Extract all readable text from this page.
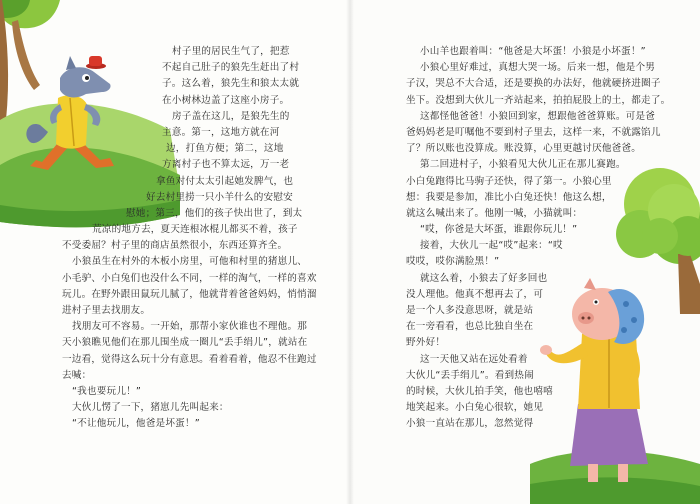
村子里的居民生气了，把惹
不起自己肚子的狼先生赶出了村
子。这么着，狼先生和狼太太就
在小树林边盖了这座小房子。
房子盖在这儿，是狼先生的
主意。第一，这地方就在河
边，打鱼方便；第二，这地
方离村子也不算太远，万一老
拿鱼对付太太引起她发脾气，也
好去村里捞一只小羊什么的安慰安
慰她；第三，他们的孩子快出世了，到太
荒凉的地方去，夏天连根冰棍儿都买不着，孩子
不受委屈？村子里的商店虽然很小，东西还算齐全。
小狼虽生在村外的木板小房里，可他和村里的猪崽儿、
小毛驴、小白兔们也没什么不同，一样的淘气，一样的喜欢
玩儿。在野外跟田鼠玩儿腻了，他就背着爸爸妈妈，悄悄溜
进村子里去找朋友。
找朋友可不容易。一开始，那帮小家伙谁也不理他。那
天小狼瞧见他们在那儿围坐成一圈儿“丢手绢儿”，就站在
一边看，觉得这么玩十分有意思。看着看着，他忍不住跑过
去喊：
“我也要玩儿！”
大伙儿愣了一下，猪崽儿先叫起来：
“不让他玩儿，他爸是坏蛋！”
小山羊也跟着叫：“他爸是大坏蛋！小狼是小坏蛋！”
小狼心里好难过，真想大哭一场。后来一想，他是个男
子汉，哭总不大合适，还是要换的办法好，他就硬挤进圈子
坐下。没想到大伙儿一齐站起来，拍拍屁股上的土，都走了。
这都怪他爸爸！小狼回到家，想跟他爸爸算账。可是爸
爸妈妈老是叮嘱他不要到村子里去，这样一来，不就露馅儿
了？所以账也没算成。账没算，心里更越讨厌他爸爸。
第二回进村子，小狼看见大伙儿正在那儿赛跑。
小白兔跑得比马驹子还快，得了第一。小狼心里
想：我要是参加，准比小白兔还快！他这么想，
就这么喊出来了。他刚一喊，小猫就叫：
“哎，你爸是大坏蛋，谁跟你玩儿！”
接着，大伙儿一起“哎”起来：“哎
哎哎，哎你满脸黑！”
就这么着，小狼去了好多回也
没人理他。他真不想再去了，可
是一个人多没意思呀，就是站
在一旁看看，也总比独自坐在
野外好！
这一天他又站在远处看着
大伙儿“丢手绢儿”。看到热闹
的时候，大伙儿拍手笑，他也嘻嘻
地笑起来。小白兔心很软，她见
小狼一直站在那儿，忽然觉得
